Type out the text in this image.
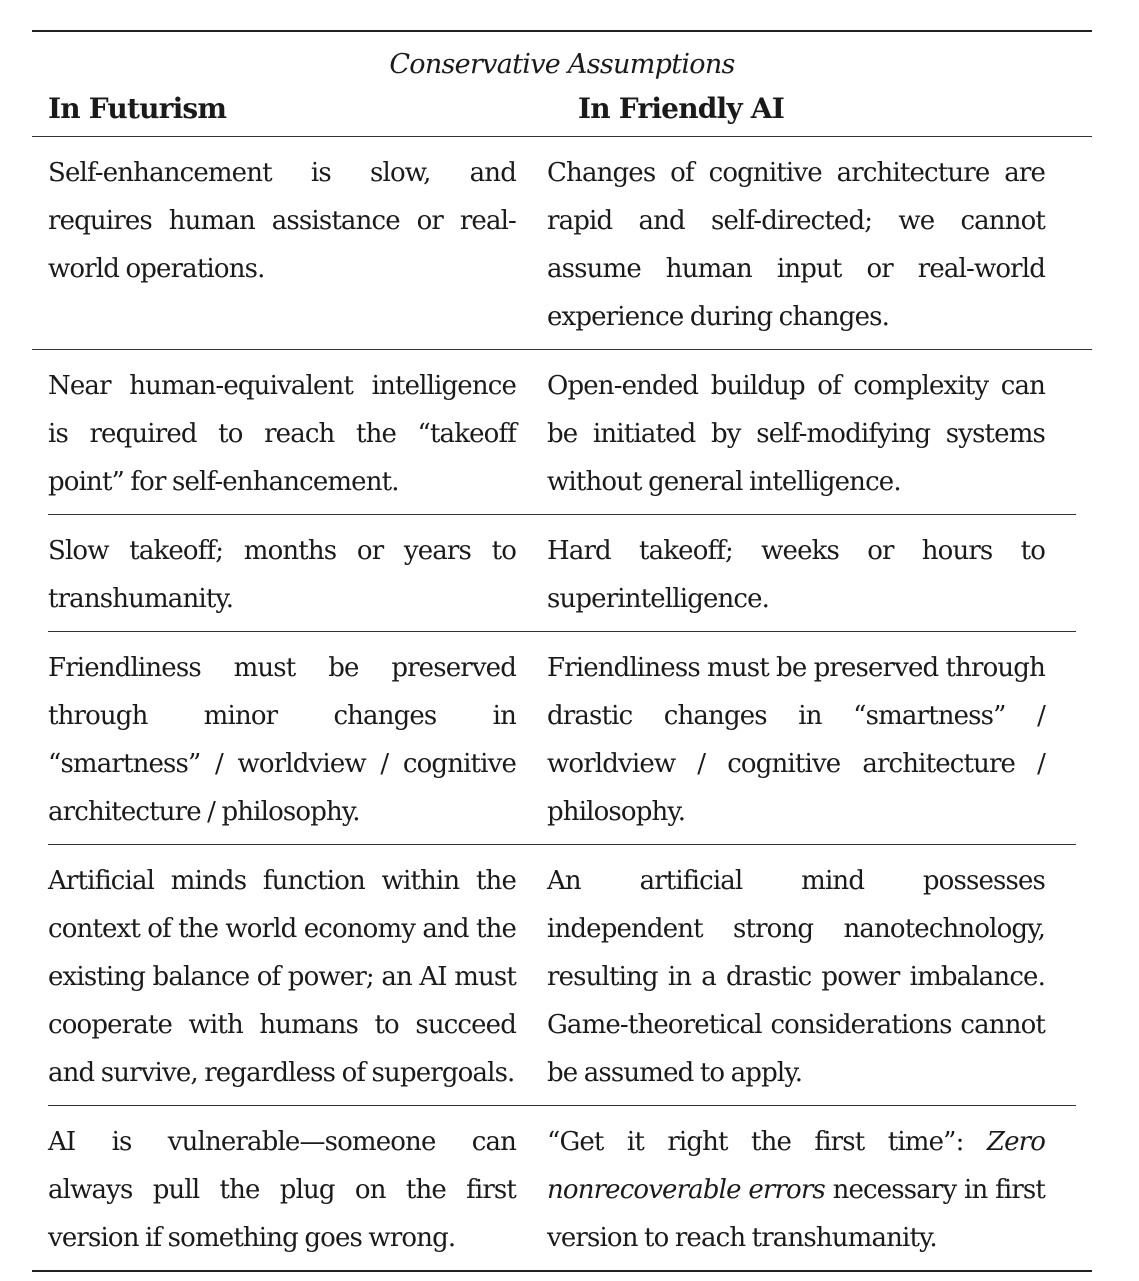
Conservative Assumptions
In Futurism	In Friendly AI
Self-enhancement is slow, and requires human assistance or real-world operations.
Changes of cognitive architecture are rapid and self-directed; we cannot assume human input or real-world experience during changes.
Near human-equivalent intelligence is required to reach the “takeoff point” for self-enhancement.
Open-ended buildup of complexity can be initiated by self-modifying systems without general intelligence.
Slow takeoff; months or years to transhumanity.
Hard takeoff; weeks or hours to superintelligence.
Friendliness must be preserved through minor changes in “smartness” / worldview / cognitive architecture / philosophy.
Friendliness must be preserved through drastic changes in “smartness” / worldview / cognitive architecture / philosophy.
Artificial minds function within the context of the world economy and the existing balance of power; an AI must cooperate with humans to succeed and survive, regardless of supergoals.
An artificial mind possesses independent strong nanotechnology, resulting in a drastic power imbalance. Game-theoretical considerations cannot be assumed to apply.
AI is vulnerable—someone can always pull the plug on the first version if something goes wrong.
“Get it right the first time”: Zero nonrecoverable errors necessary in first version to reach transhumanity.
